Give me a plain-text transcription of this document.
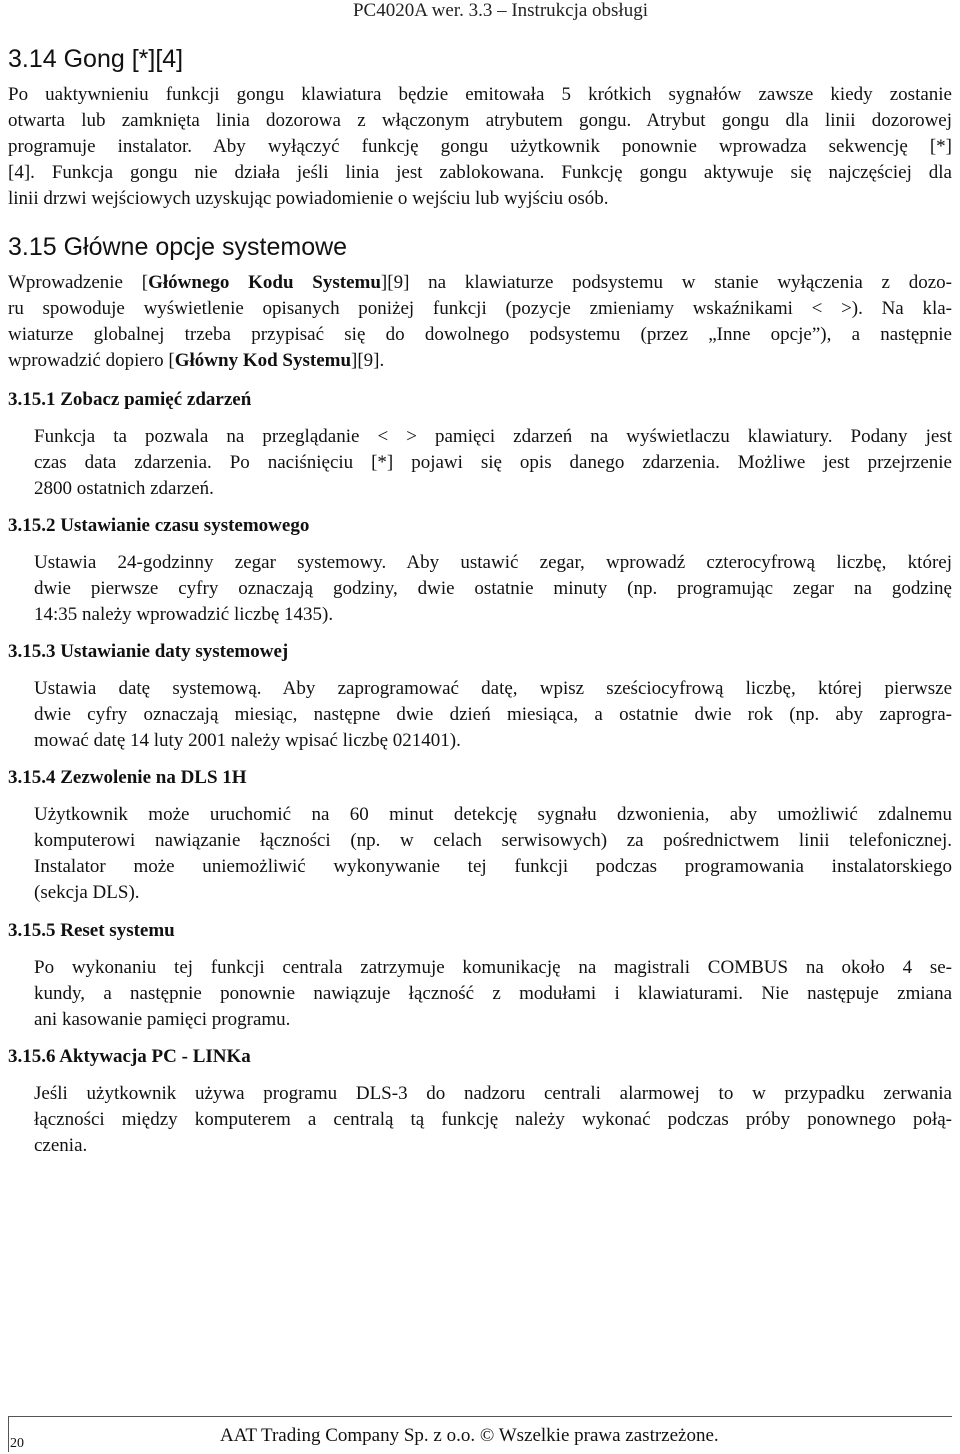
PC4020A wer. 3.3 – Instrukcja obsługi
3.14 Gong [*][4]
Po uaktywnieniu funkcji gongu klawiatura będzie emitowała 5 krótkich sygnałów zawsze kiedy zostanie
otwarta lub zamknięta linia dozorowa z włączonym atrybutem gongu. Atrybut gongu dla linii dozorowej
programuje instalator. Aby wyłączyć funkcję gongu użytkownik ponownie wprowadza sekwencję [*]
[4]. Funkcja gongu nie działa jeśli linia jest zablokowana. Funkcję gongu aktywuje się najczęściej dla
linii drzwi wejściowych uzyskując powiadomienie o wejściu lub wyjściu osób.
3.15 Główne opcje systemowe
Wprowadzenie [Głównego Kodu Systemu][9] na klawiaturze podsystemu w stanie wyłączenia z dozo-
ru spowoduje wyświetlenie opisanych poniżej funkcji (pozycje zmieniamy wskaźnikami < >). Na kla-
wiaturze globalnej trzeba przypisać się do dowolnego podsystemu (przez „Inne opcje”), a następnie
wprowadzić dopiero [Główny Kod Systemu][9].
3.15.1 Zobacz pamięć zdarzeń
Funkcja ta pozwala na przeglądanie < > pamięci zdarzeń na wyświetlaczu klawiatury. Podany jest
czas data zdarzenia. Po naciśnięciu [*] pojawi się opis danego zdarzenia. Możliwe jest przejrzenie
2800 ostatnich zdarzeń.
3.15.2 Ustawianie czasu systemowego
Ustawia 24-godzinny zegar systemowy. Aby ustawić zegar, wprowadź czterocyfrową liczbę, której
dwie pierwsze cyfry oznaczają godziny, dwie ostatnie minuty (np. programując zegar na godzinę
14:35 należy wprowadzić liczbę 1435).
3.15.3 Ustawianie daty systemowej
Ustawia datę systemową. Aby zaprogramować datę, wpisz sześciocyfrową liczbę, której pierwsze
dwie cyfry oznaczają miesiąc, następne dwie dzień miesiąca, a ostatnie dwie rok (np. aby zaprogra-
mować datę 14 luty 2001 należy wpisać liczbę 021401).
3.15.4 Zezwolenie na DLS 1H
Użytkownik może uruchomić na 60 minut detekcję sygnału dzwonienia, aby umożliwić zdalnemu
komputerowi nawiązanie łączności (np. w celach serwisowych) za pośrednictwem linii telefonicznej.
Instalator może uniemożliwić wykonywanie tej funkcji podczas programowania instalatorskiego
(sekcja DLS).
3.15.5 Reset systemu
Po wykonaniu tej funkcji centrala zatrzymuje komunikację na magistrali COMBUS na około 4 se-
kundy, a następnie ponownie nawiązuje łączność z modułami i klawiaturami. Nie następuje zmiana
ani kasowanie pamięci programu.
3.15.6 Aktywacja PC - LINKa
Jeśli użytkownik używa programu DLS-3 do nadzoru centrali alarmowej to w przypadku zerwania
łączności między komputerem a centralą tą funkcję należy wykonać podczas próby ponownego połą-
czenia.
20	AAT Trading Company Sp. z o.o. © Wszelkie prawa zastrzeżone.
